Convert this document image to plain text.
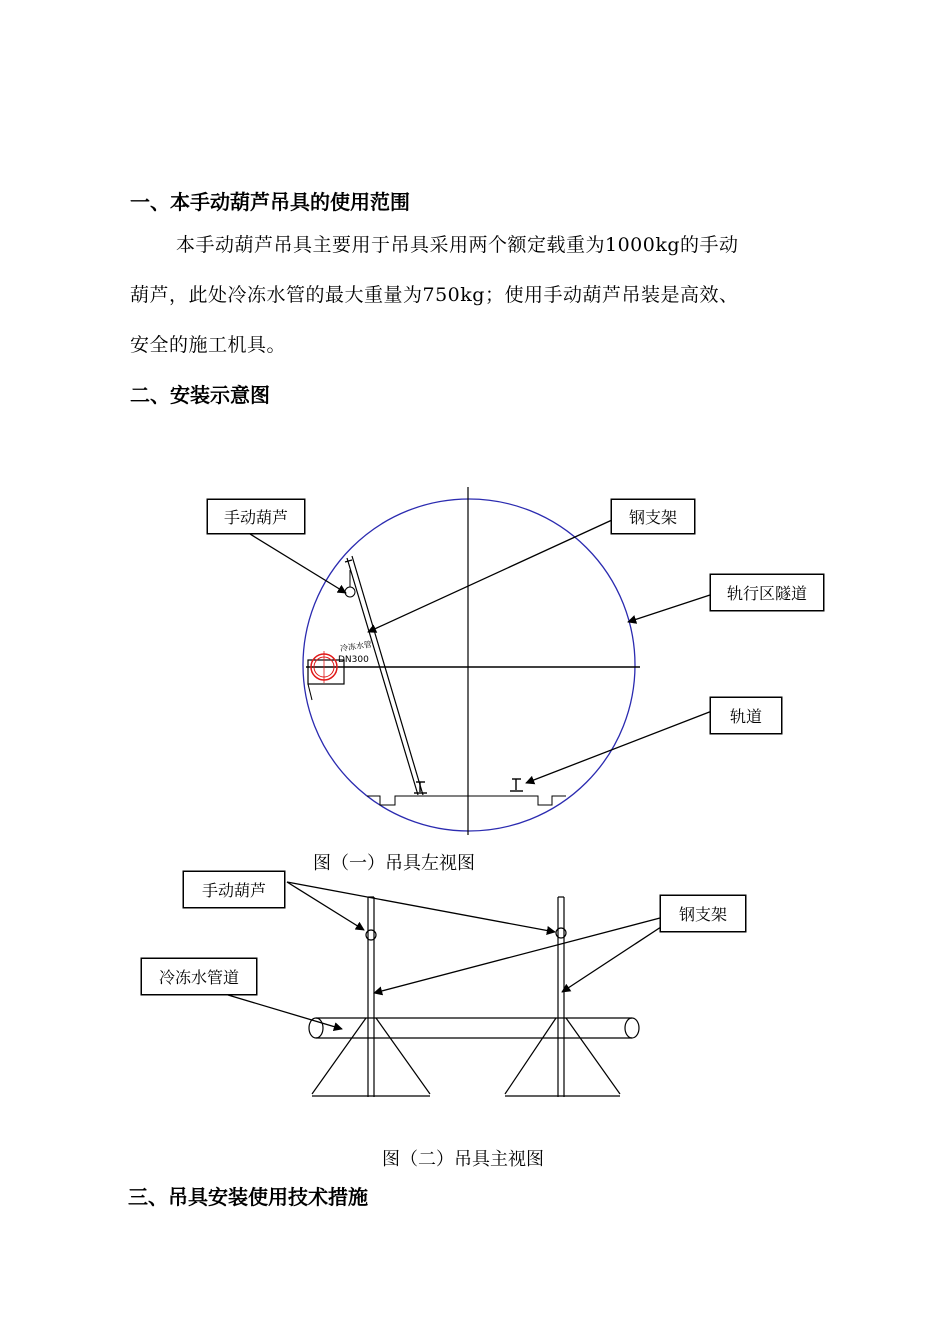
一、本手动葫芦吊具的使用范围
本手动葫芦吊具主要用于吊具采用两个额定载重为1000kg的手动
葫芦，此处冷冻水管的最大重量为750kg；使用手动葫芦吊装是高效、
安全的施工机具。
二、安装示意图
手动葫芦	钢支架
轨行区隧道
轨道
冷冻水管
DN300
图（一）吊具左视图
手动葫芦
钢支架
冷冻水管道
图（二）吊具主视图
三、吊具安装使用技术措施
